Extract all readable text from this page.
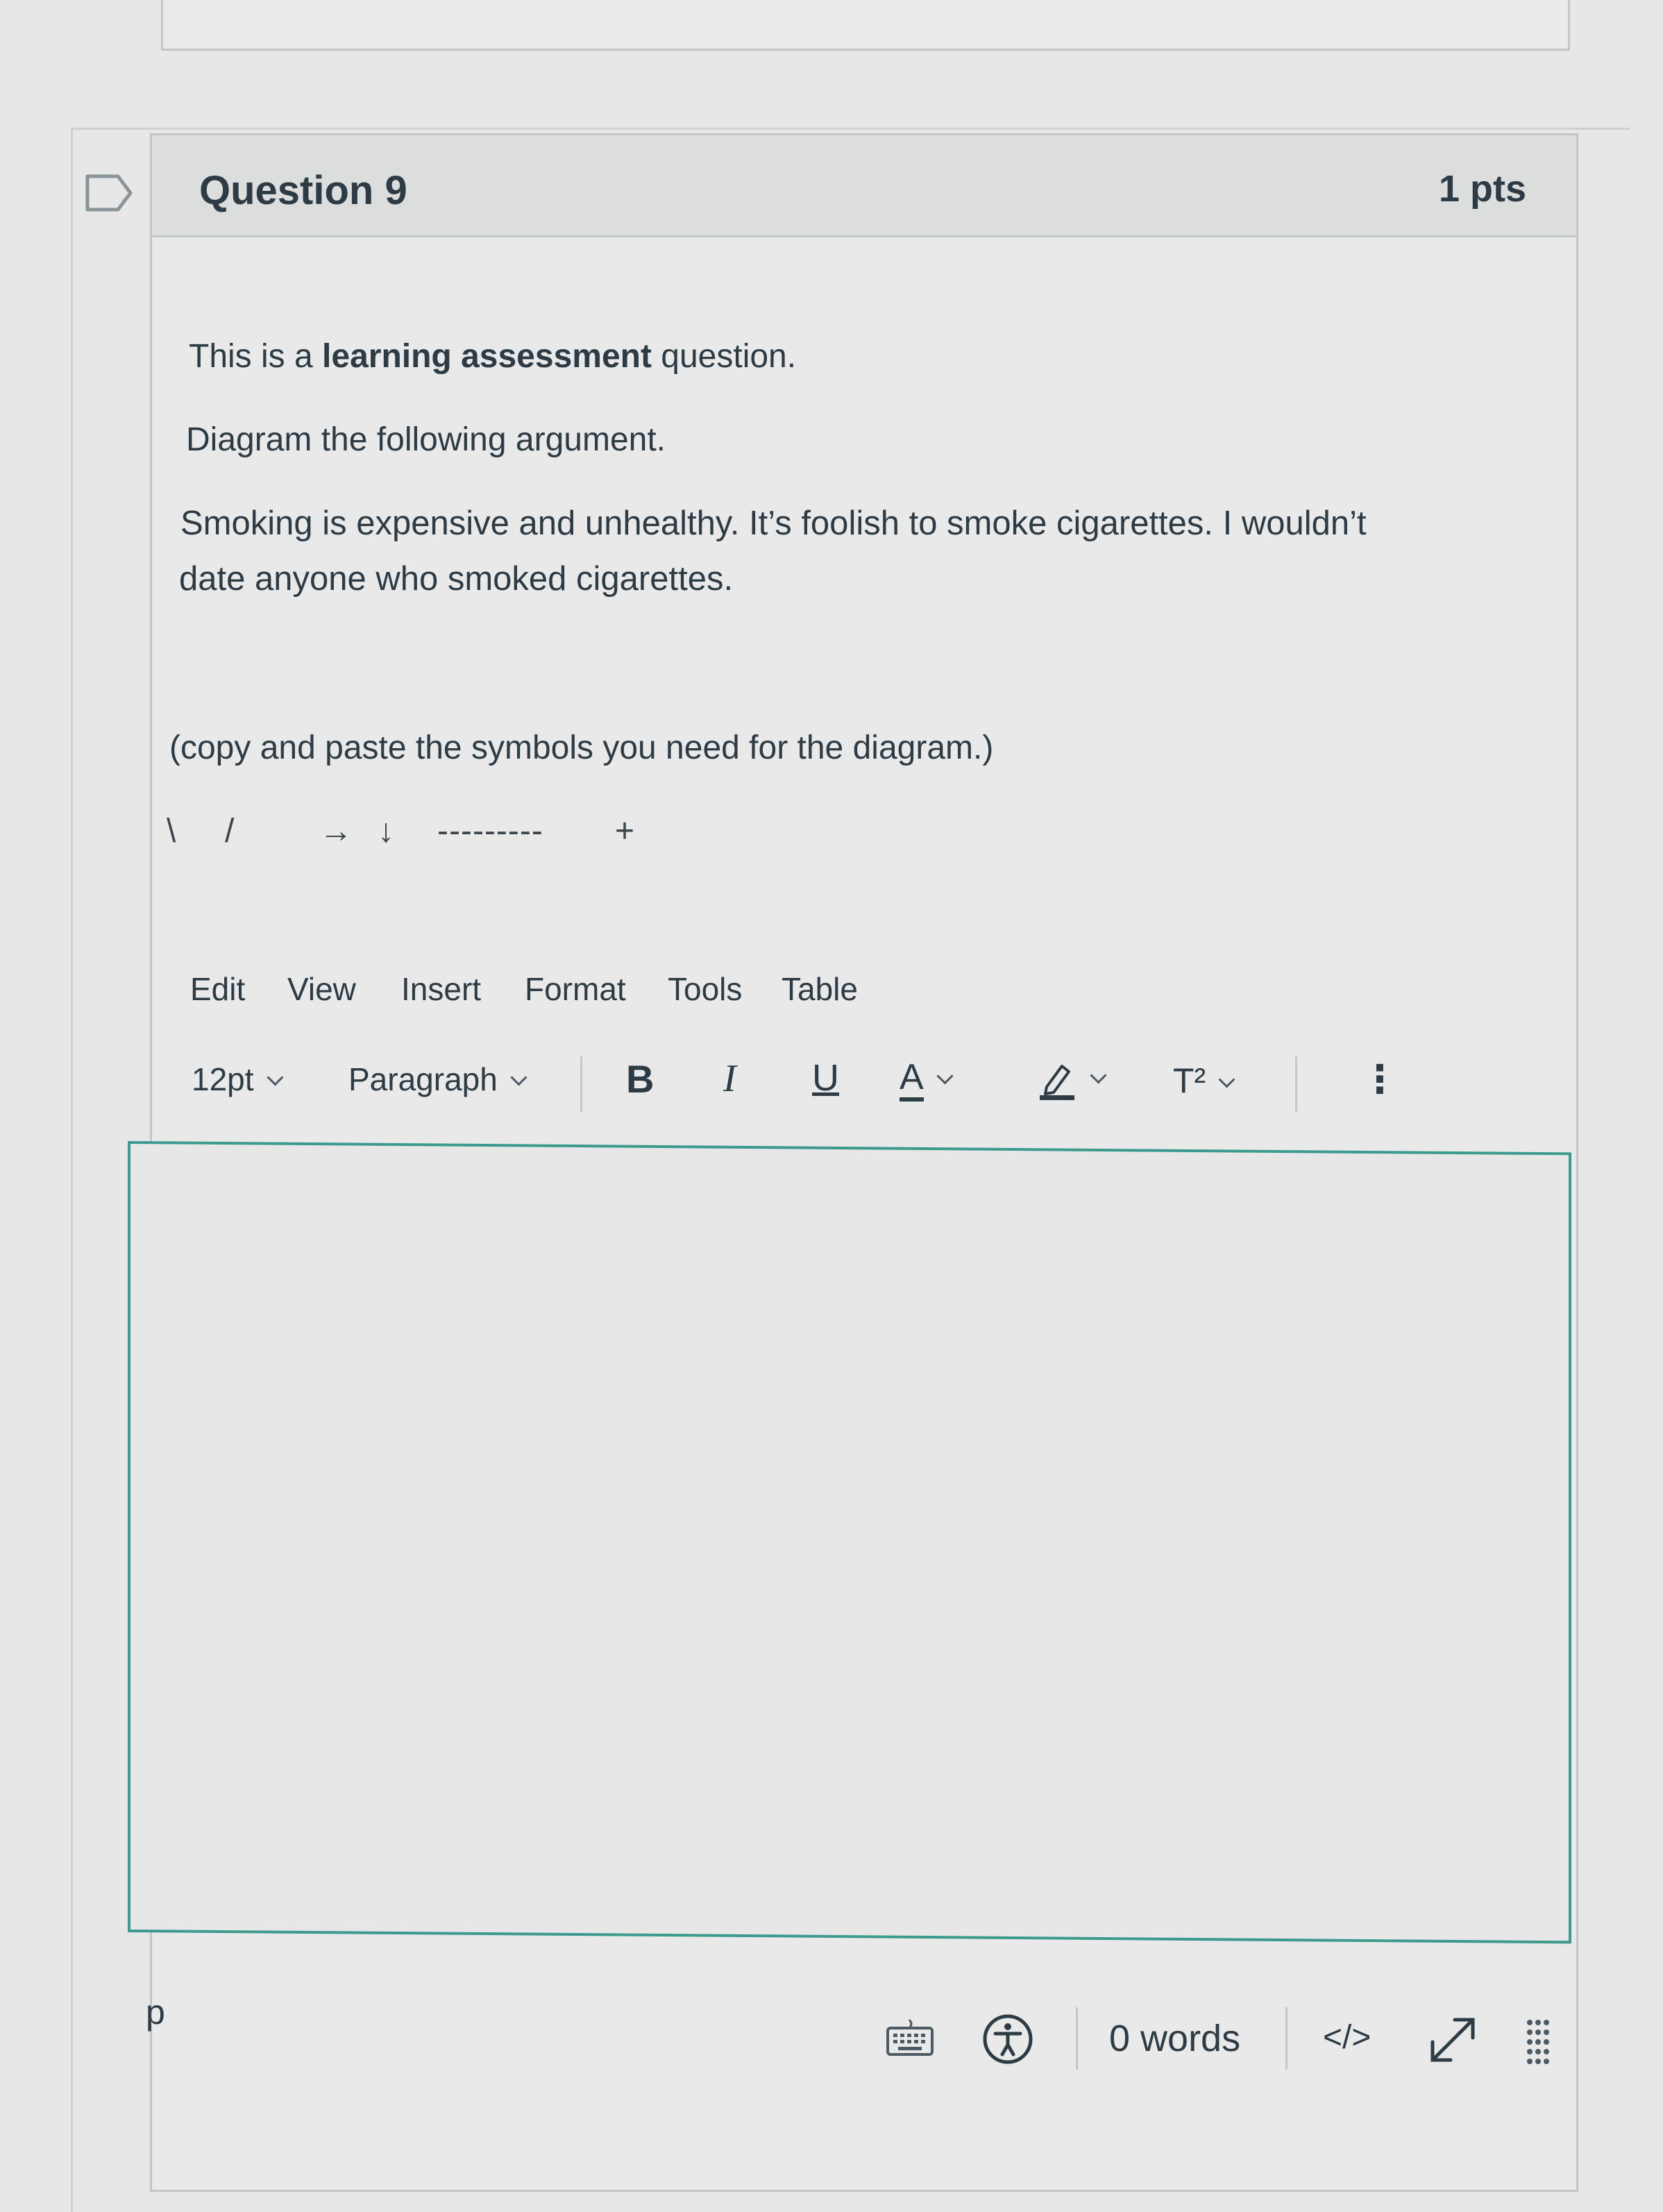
Question 9	1 pts
This is a learning assessment question.
Diagram the following argument.
Smoking is expensive and unhealthy. It’s foolish to smoke cigarettes. I wouldn’t
date anyone who smoked cigarettes.
(copy and paste the symbols you need for the diagram.)
\ /	→ ↓ --------- +
Edit View Insert Format Tools Table
12pt	Paragraph	B I U A	T²	⋮
p
0 words </>
